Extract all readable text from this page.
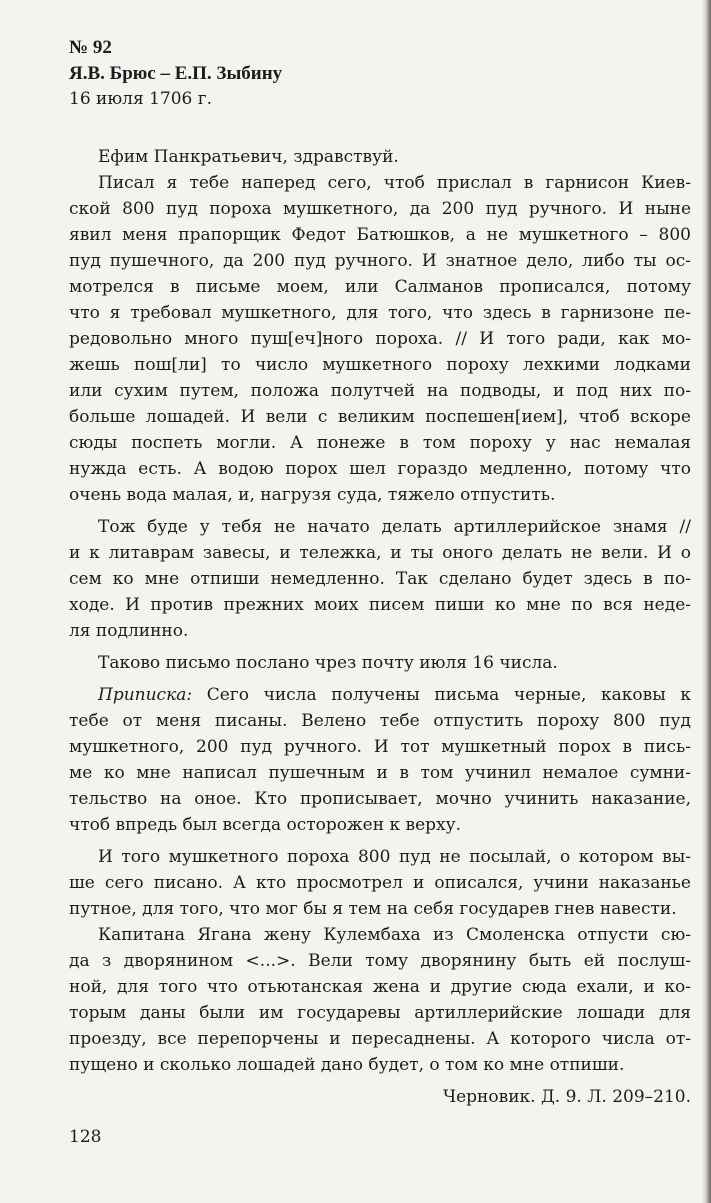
№ 92
Я.В. Брюс – Е.П. Зыбину
16 июля 1706 г.
Ефим Панкратьевич, здравствуй.
Писал я тебе наперед сего, чтоб прислал в гарнисон Киев-
ской 800 пуд пороха мушкетного, да 200 пуд ручного. И ныне
явил меня прапорщик Федот Батюшков, а не мушкетного – 800
пуд пушечного, да 200 пуд ручного. И знатное дело, либо ты ос-
мотрелся в письме моем, или Салманов прописался, потому
что я требовал мушкетного, для того, что здесь в гарнизоне пе-
редовольно много пуш[еч]ного пороха. // И того ради, как мо-
жешь пош[ли] то число мушкетного пороху лехкими лодками
или сухим путем, положа полутчей на подводы, и под них по-
больше лошадей. И вели с великим поспешен[ием], чтоб вскоре
сюды поспеть могли. А понеже в том пороху у нас немалая
нужда есть. А водою порох шел гораздо медленно, потому что
очень вода малая, и, нагрузя суда, тяжело отпустить.
Тож буде у тебя не начато делать артиллерийское знамя //
и к литаврам завесы, и тележка, и ты оного делать не вели. И о
сем ко мне отпиши немедленно. Так сделано будет здесь в по-
ходе. И против прежних моих писем пиши ко мне по вся неде-
ля подлинно.
Таково письмо послано чрез почту июля 16 числа.
Приписка: Сего числа получены письма черные, каковы к
тебе от меня писаны. Велено тебе отпустить пороху 800 пуд
мушкетного, 200 пуд ручного. И тот мушкетный порох в пись-
ме ко мне написал пушечным и в том учинил немалое сумни-
тельство на оное. Кто прописывает, мочно учинить наказание,
чтоб впредь был всегда осторожен к верху.
И того мушкетного пороха 800 пуд не посылай, о котором вы-
ше сего писано. А кто просмотрел и описался, учини наказанье
путное, для того, что мог бы я тем на себя государев гнев навести.
Капитана Ягана жену Кулембаха из Смоленска отпусти сю-
да з дворянином <...>. Вели тому дворянину быть ей послуш-
ной, для того что отьютанская жена и другие сюда ехали, и ко-
торым даны были им государевы артиллерийские лошади для
проезду, все перепорчены и пересаднены. А которого числа от-
пущено и сколько лошадей дано будет, о том ко мне отпиши.
Черновик. Д. 9. Л. 209–210.
128
